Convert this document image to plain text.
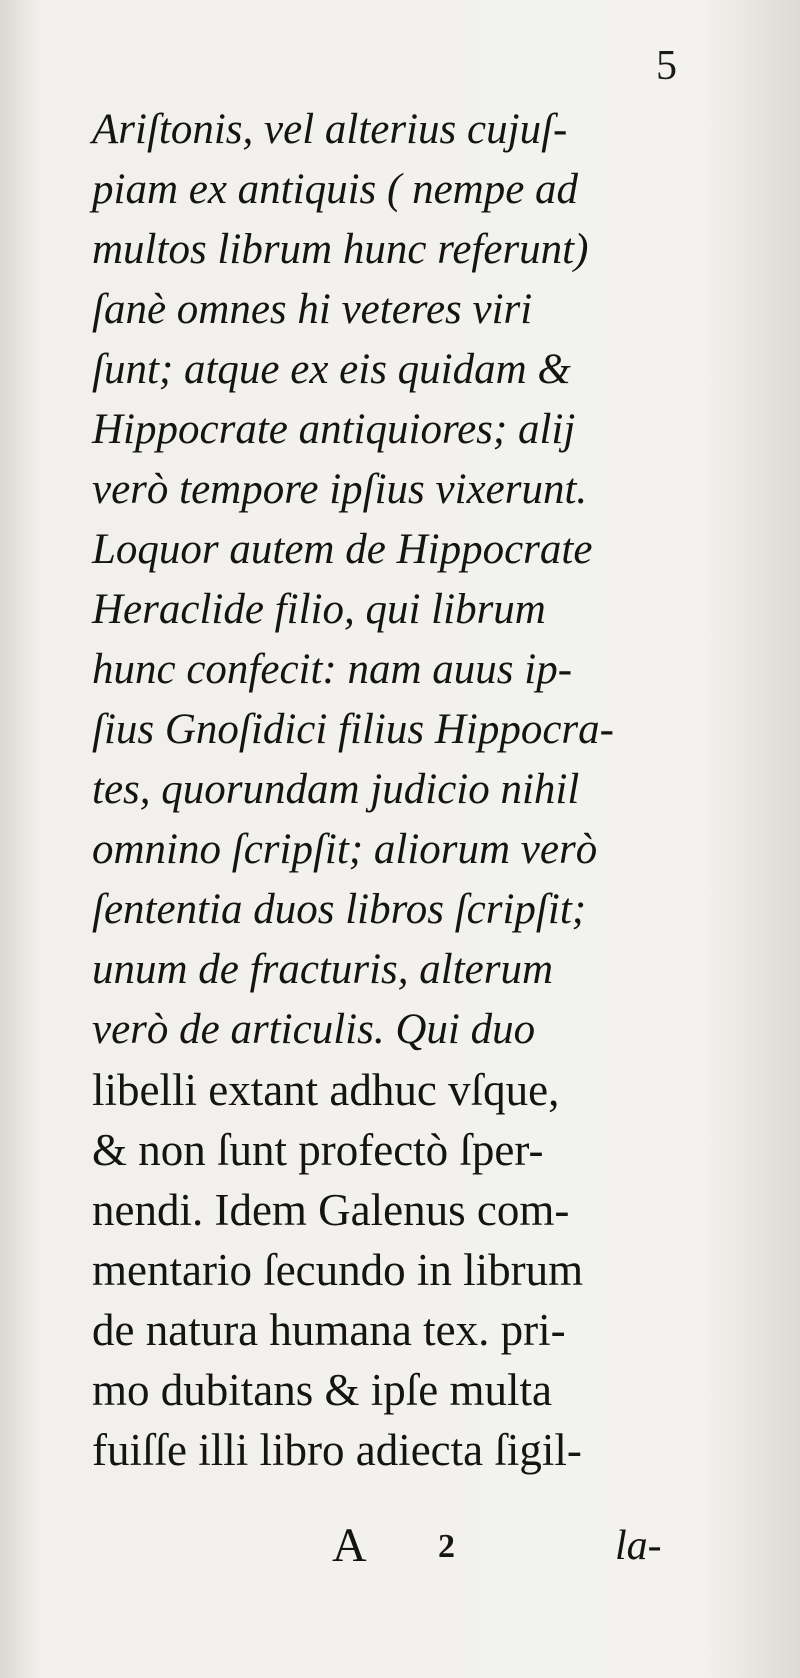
5
Ariſtonis, vel alterius cujuſ-
piam ex antiquis ( nempe ad
multos librum hunc referunt)
ſanè omnes hi veteres viri
ſunt; atque ex eis quidam &
Hippocrate antiquiores; alij
verò tempore ipſius vixerunt.
Loquor autem de Hippocrate
Heraclide filio, qui librum
hunc confecit: nam auus ip-
ſius Gnoſidici filius Hippocra-
tes, quorundam judicio nihil
omnino ſcripſit; aliorum verò
ſententia duos libros ſcripſit;
unum de fracturis, alterum
verò de articulis. Qui duo
libelli extant adhuc vſque,
& non ſunt profectò ſper-
nendi. Idem Galenus com-
mentario ſecundo in librum
de natura humana tex. pri-
mo dubitans & ipſe multa
fuiſſe illi libro adiecta ſigil-
A 2	la-
